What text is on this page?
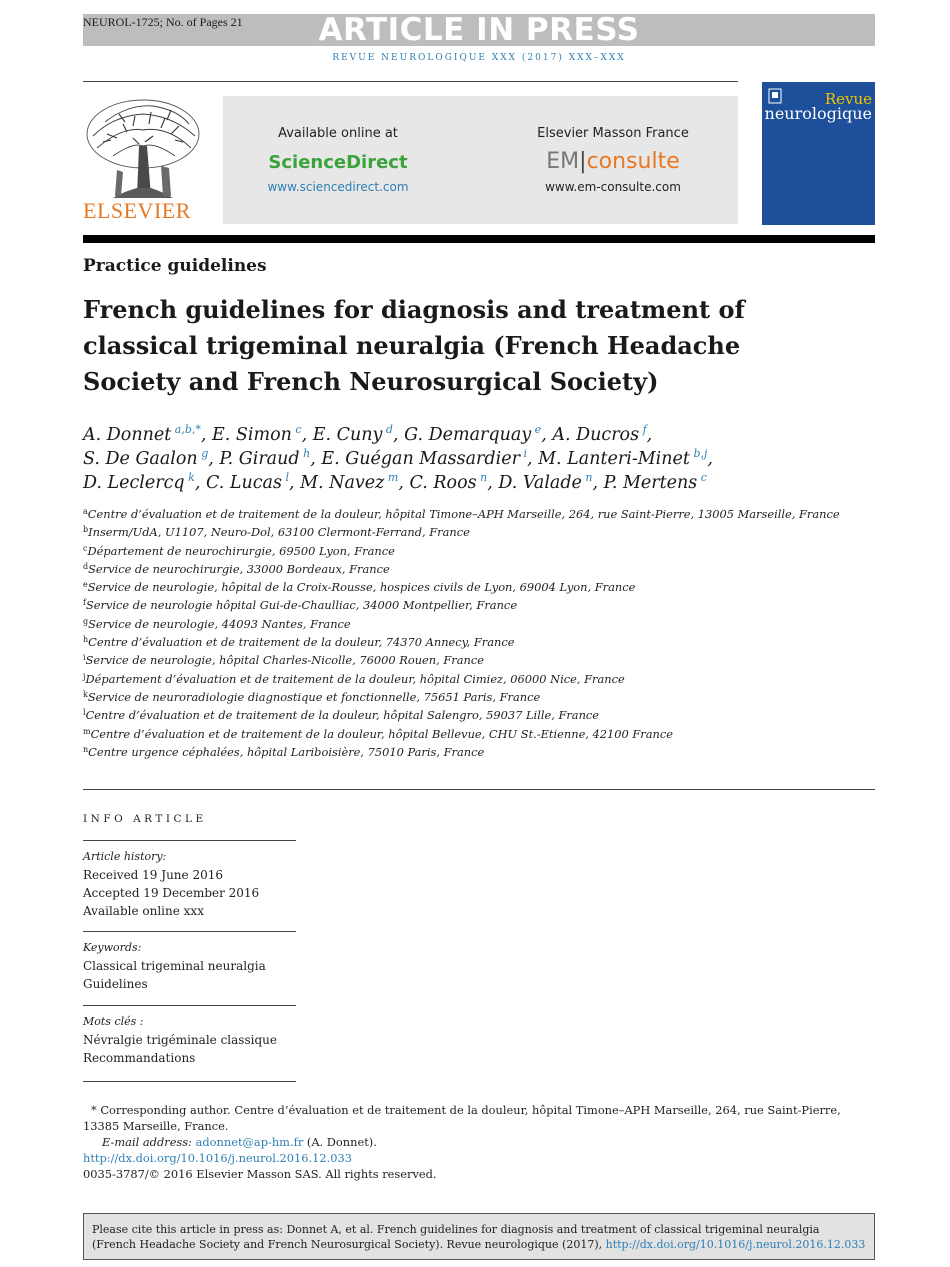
NEUROL-1725; No. of Pages 21	ARTICLE IN PRESS
REVUE NEUROLOGIQUE XXX (2017) XXX–XXX
ELSEVIER
Available online at
ScienceDirect
www.sciencedirect.com
Elsevier Masson France
EM|consulte
www.em-consulte.com
Revue
neurologique
Practice guidelines
French guidelines for diagnosis and treatment of classical trigeminal neuralgia (French Headache Society and French Neurosurgical Society)
A. Donnet  $^{a,b,*}$, E. Simon  $^c$, E. Cuny  $^d$, G. Demarquay  $^e$, A. Ducros  $^f$,
S. De Gaalon  $^g$, P. Giraud  $^h$, E. Guégan Massardier  $^i$, M. Lanteri-Minet  $^{b,j}$,
D. Leclercq  $^k$, C. Lucas  $^l$, M. Navez  $^m$, C. Roos  $^n$, D. Valade  $^n$, P. Mertens  $^c$
$^a$Centre d’évaluation et de traitement de la douleur, hôpital Timone–APH Marseille, 264, rue Saint-Pierre, 13005 Marseille, France
$^b$Inserm/UdA, U1107, Neuro-Dol, 63100 Clermont-Ferrand, France
$^c$Département de neurochirurgie, 69500 Lyon, France
$^d$Service de neurochirurgie, 33000 Bordeaux, France
$^e$Service de neurologie, hôpital de la Croix-Rousse, hospices civils de Lyon, 69004 Lyon, France
$^f$Service de neurologie hôpital Gui-de-Chaulliac, 34000 Montpellier, France
$^g$Service de neurologie, 44093 Nantes, France
$^h$Centre d’évaluation et de traitement de la douleur, 74370 Annecy, France
$^i$Service de neurologie, hôpital Charles-Nicolle, 76000 Rouen, France
$^j$Département d’évaluation et de traitement de la douleur, hôpital Cimiez, 06000 Nice, France
$^k$Service de neuroradiologie diagnostique et fonctionnelle, 75651 Paris, France
$^l$Centre d’évaluation et de traitement de la douleur, hôpital Salengro, 59037 Lille, France
$^m$Centre d’évaluation et de traitement de la douleur, hôpital Bellevue, CHU St.-Etienne, 42100 France
$^n$Centre urgence céphalées, hôpital Lariboisière, 75010 Paris, France
INFO ARTICLE
Article history:
Received 19 June 2016
Accepted 19 December 2016
Available online xxx
Keywords:
Classical trigeminal neuralgia
Guidelines
Mots clés :
Névralgie trigéminale classique
Recommandations
* Corresponding author. Centre d’évaluation et de traitement de la douleur, hôpital Timone–APH Marseille, 264, rue Saint-Pierre, 13385 Marseille, France.
E-mail address: adonnet@ap-hm.fr (A. Donnet).
http://dx.doi.org/10.1016/j.neurol.2016.12.033
0035-3787/© 2016 Elsevier Masson SAS. All rights reserved.
Please cite this article in press as: Donnet A, et al. French guidelines for diagnosis and treatment of classical trigeminal neuralgia (French Headache Society and French Neurosurgical Society). Revue neurologique (2017), http://dx.doi.org/10.1016/j.neurol.2016.12.033
